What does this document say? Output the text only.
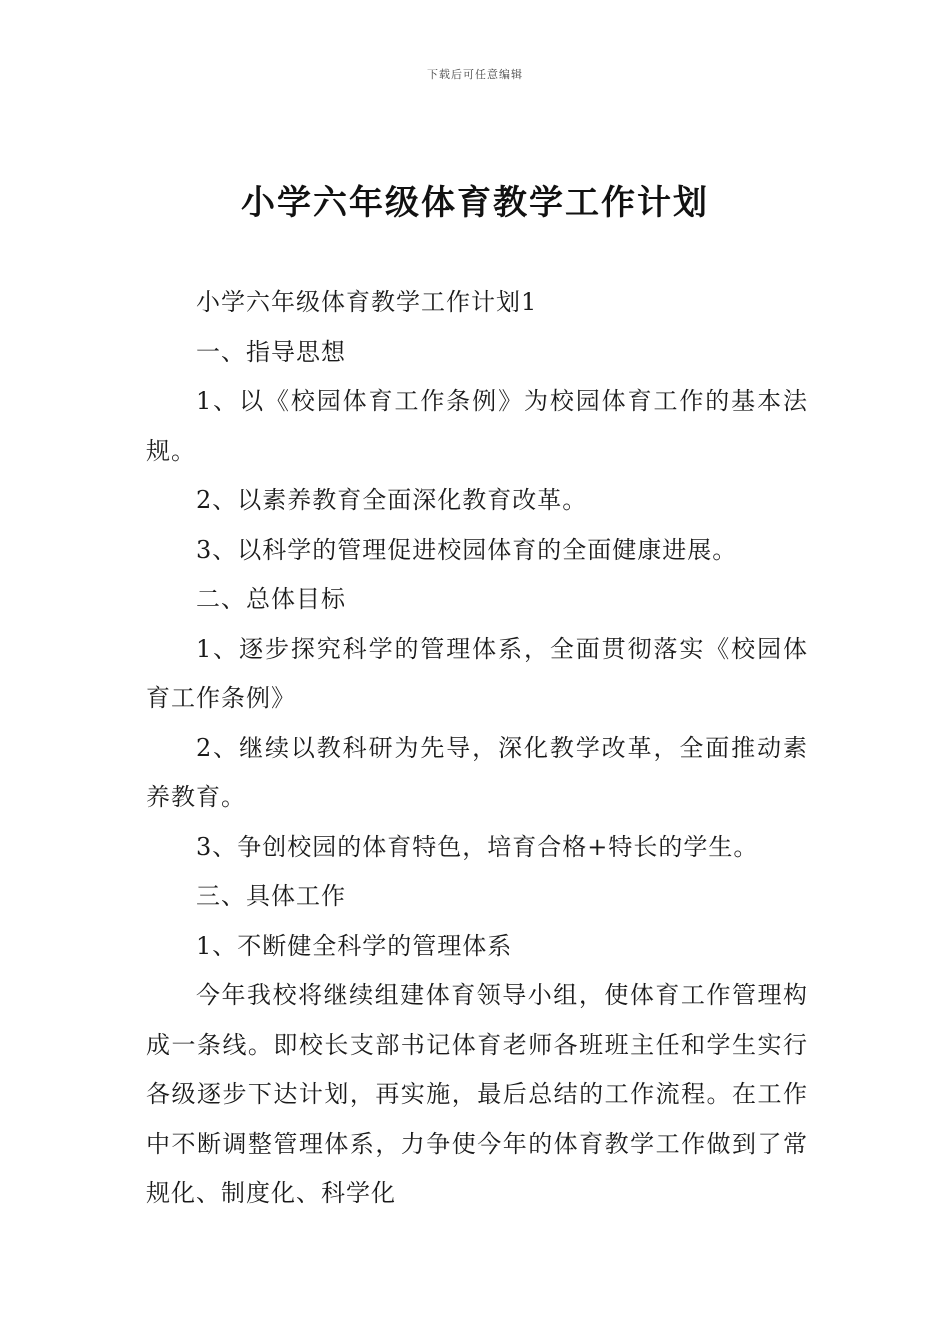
下载后可任意编辑
小学六年级体育教学工作计划

小学六年级体育教学工作计划1

一、指导思想

1、以《校园体育工作条例》为校园体育工作的基本法规。

2、以素养教育全面深化教育改革。

3、以科学的管理促进校园体育的全面健康进展。

二、总体目标

1、逐步探究科学的管理体系，全面贯彻落实《校园体育工作条例》

2、继续以教科研为先导，深化教学改革，全面推动素养教育。

3、争创校园的体育特色，培育合格+特长的学生。

三、具体工作

1、不断健全科学的管理体系

今年我校将继续组建体育领导小组，使体育工作管理构成一条线。即校长支部书记体育老师各班班主任和学生实行各级逐步下达计划，再实施，最后总结的工作流程。在工作中不断调整管理体系，力争使今年的体育教学工作做到了常规化、制度化、科学化
